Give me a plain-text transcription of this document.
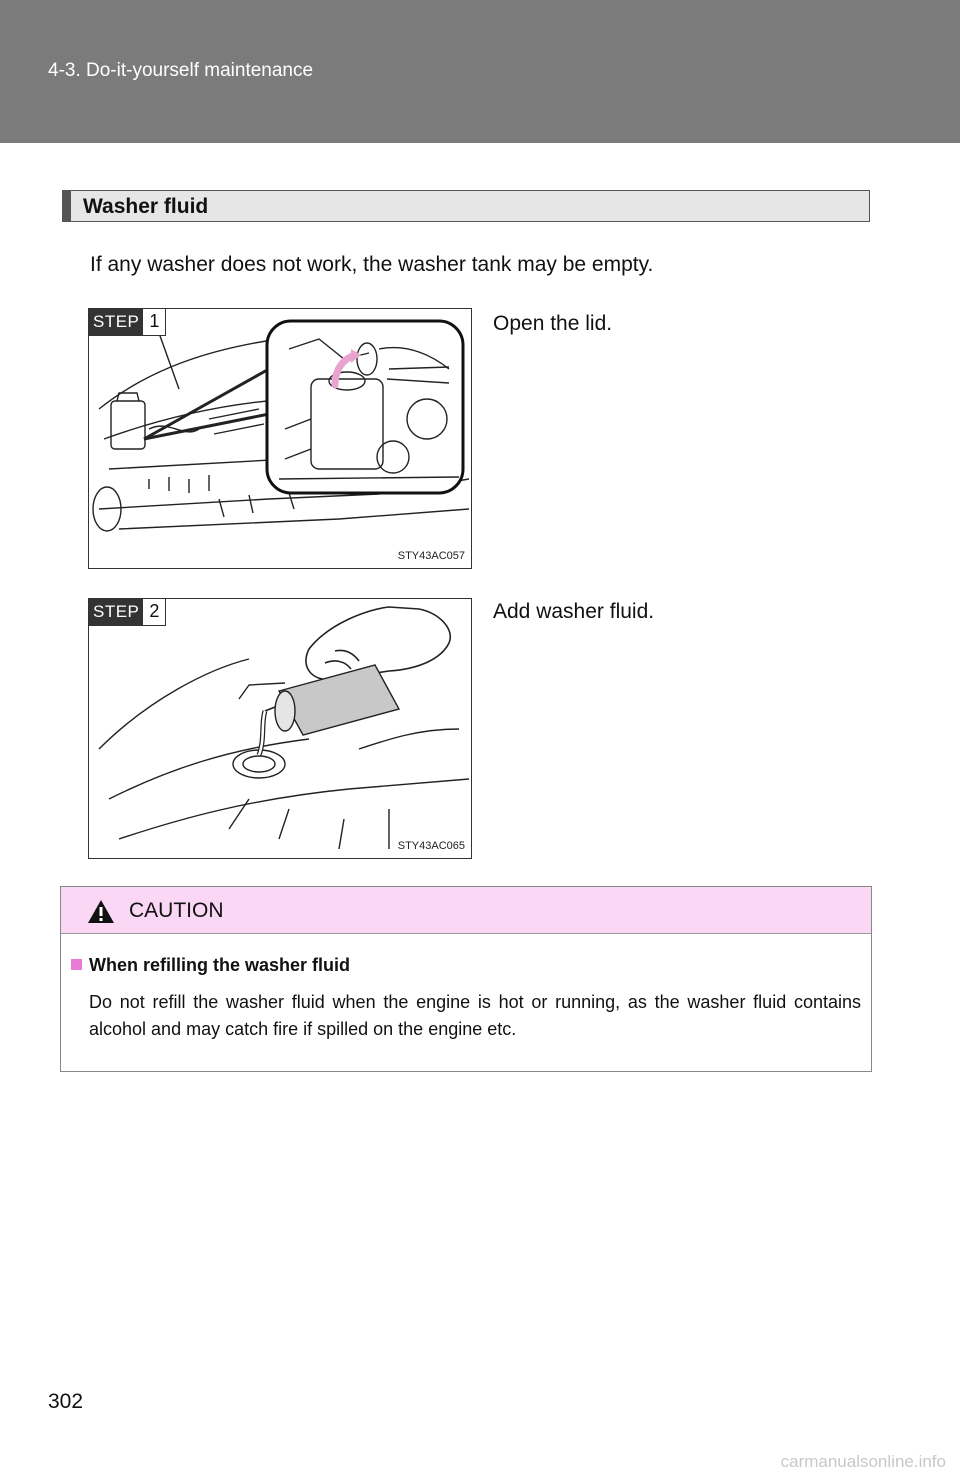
4-3. Do-it-yourself maintenance
Washer fluid
If any washer does not work, the washer tank may be empty.
STEP 1
STY43AC057
Open the lid.
STEP 2
STY43AC065
Add washer fluid.
CAUTION
When refilling the washer fluid
Do not refill the washer fluid when the engine is hot or running, as the washer fluid contains alcohol and may catch fire if spilled on the engine etc.
302
carmanualsonline.info
